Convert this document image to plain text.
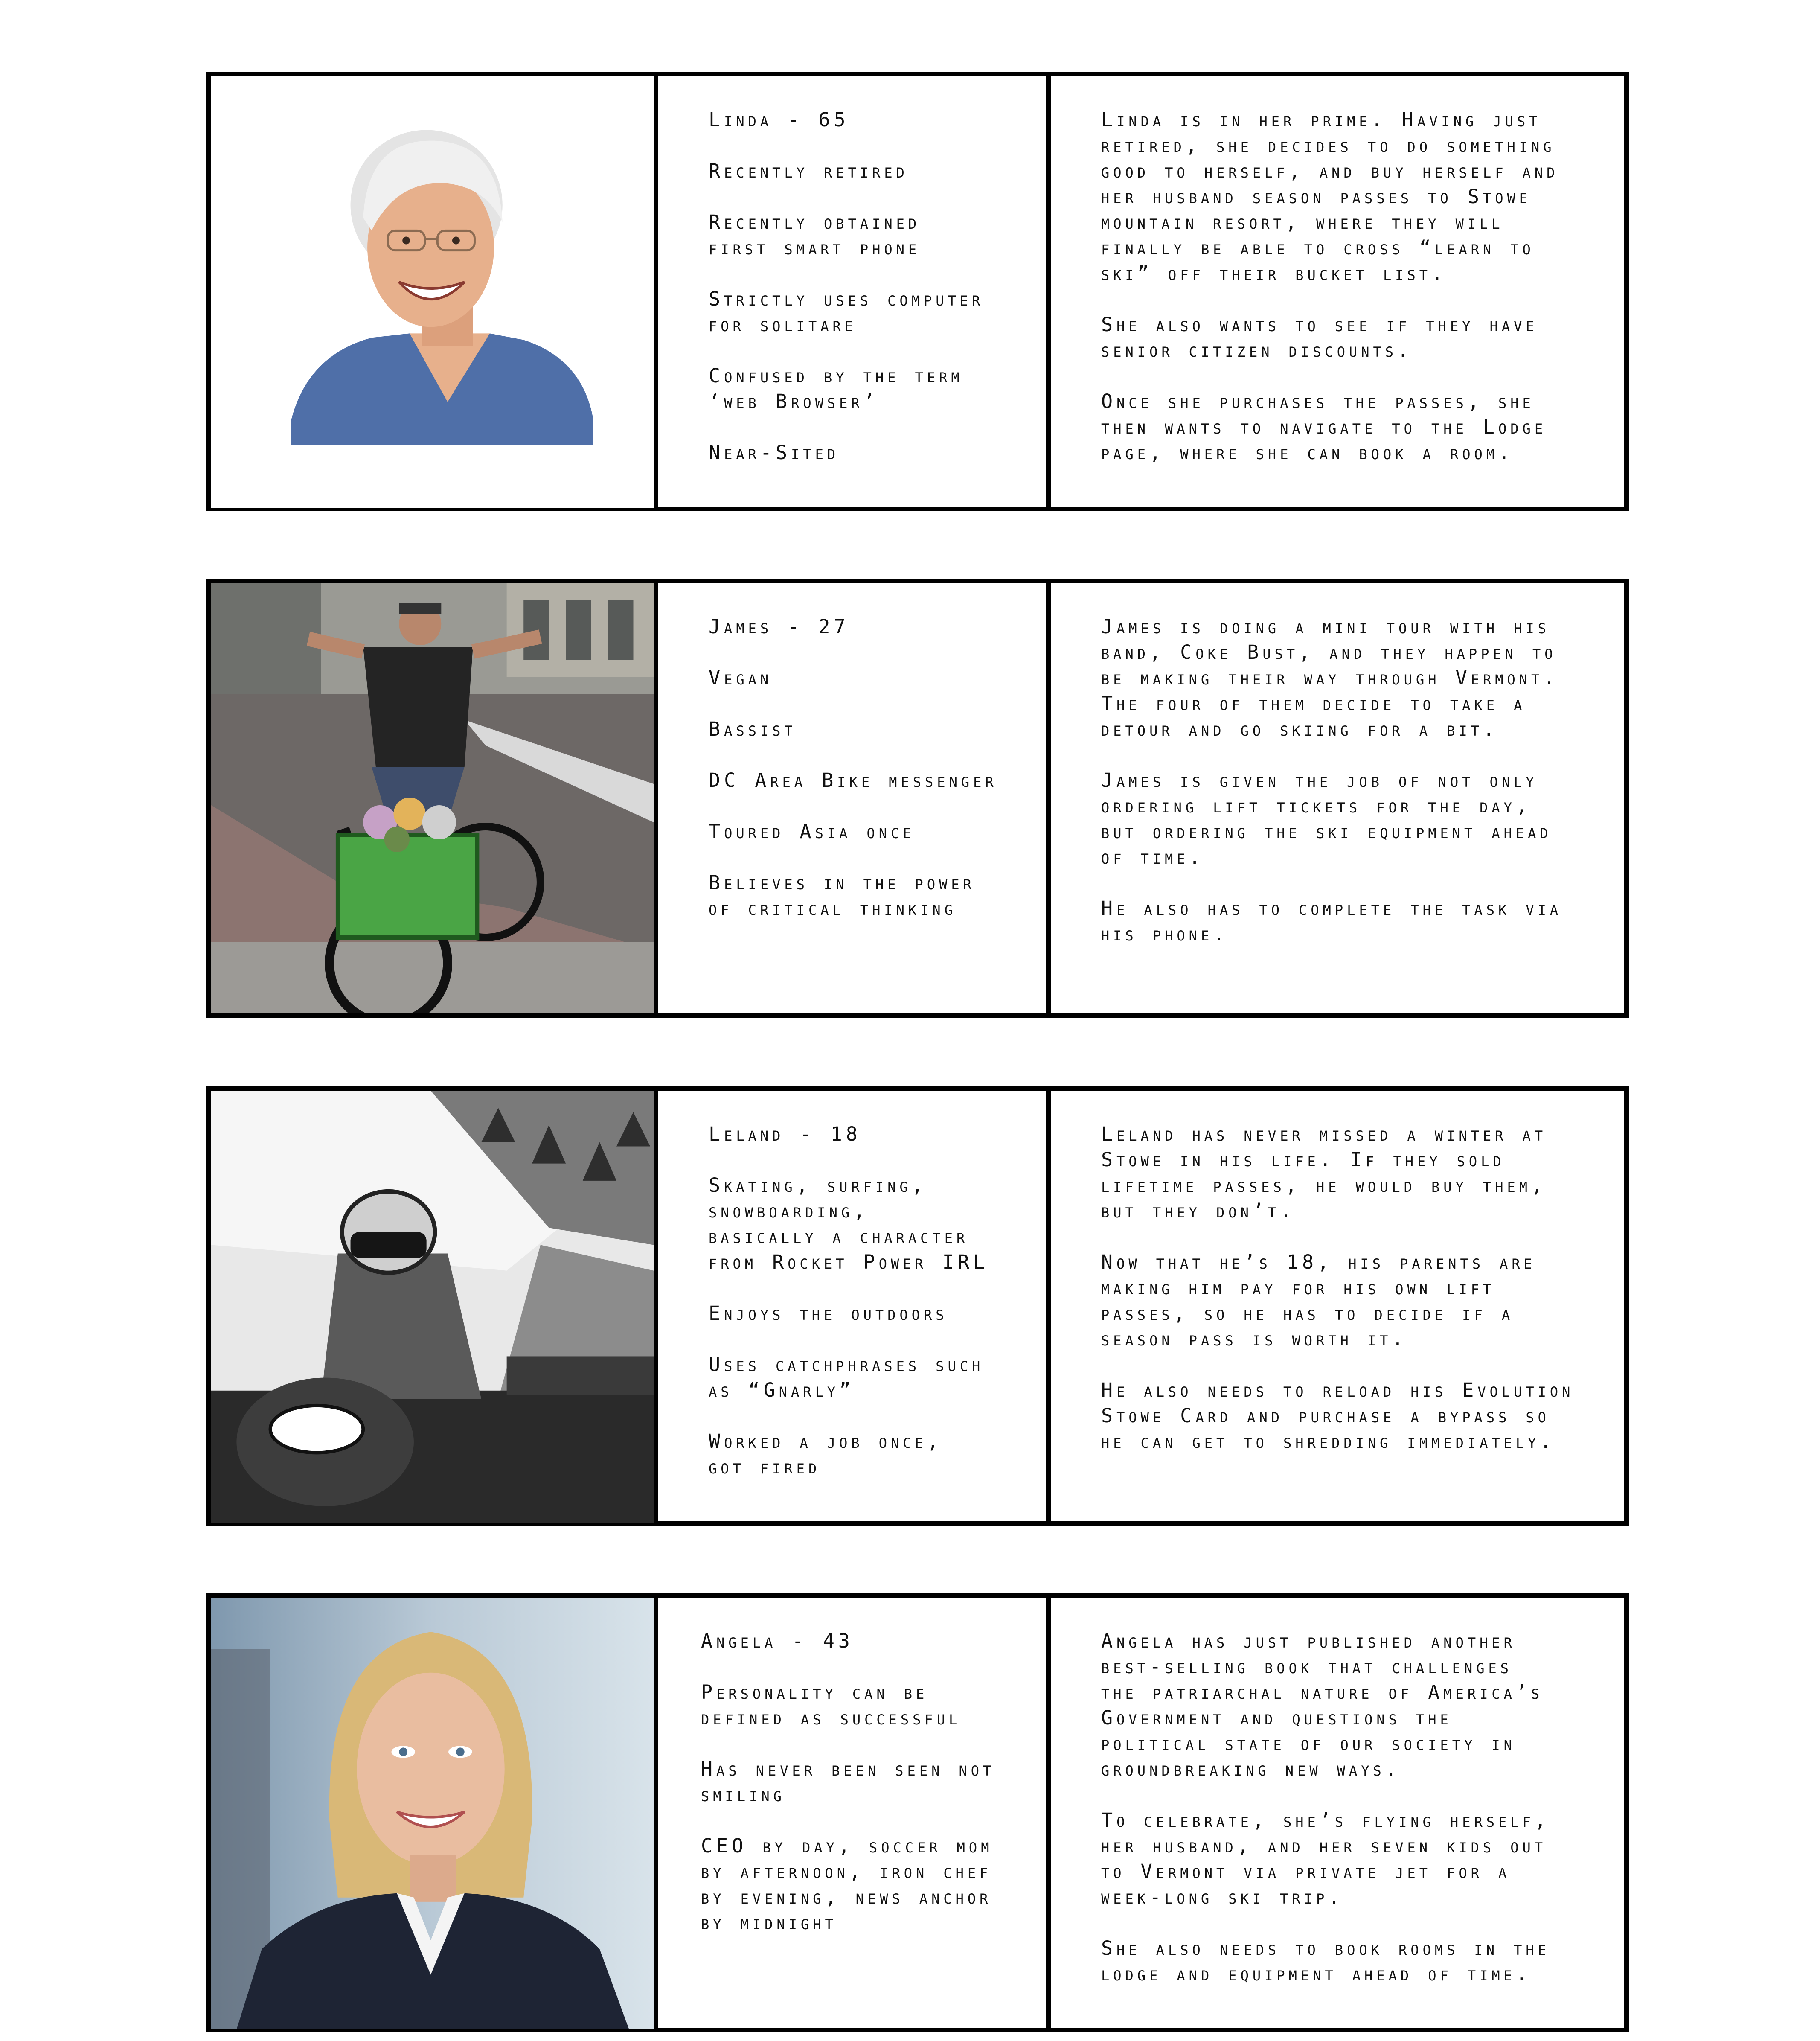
Linda - 65

Recently retired

Recently obtained
first smart phone

Strictly uses computer
for solitare

Confused by the term
‘web Browser’

Near-Sited

Linda is in her prime. Having just
retired, she decides to do something
good to herself, and buy herself and
her husband season passes to Stowe
mountain resort, where they will
finally be able to cross “learn to
ski” off their bucket list.

She also wants to see if they have
senior citizen discounts.

Once she purchases the passes, she
then wants to navigate to the Lodge
page, where she can book a room.

James - 27

Vegan

Bassist

DC Area Bike messenger

Toured Asia once

Believes in the power
of critical thinking

James is doing a mini tour with his
band, Coke Bust, and they happen to
be making their way through Vermont.
The four of them decide to take a
detour and go skiing for a bit.

James is given the job of not only
ordering lift tickets for the day,
but ordering the ski equipment ahead
of time.

He also has to complete the task via
his phone.

Leland - 18

Skating, surfing,
snowboarding,
basically a character
from Rocket Power IRL

Enjoys the outdoors

Uses catchphrases such
as “Gnarly”

Worked a job once,
got fired

Leland has never missed a winter at
Stowe in his life. If they sold
lifetime passes, he would buy them,
but they don’t.

Now that he’s 18, his parents are
making him pay for his own lift
passes, so he has to decide if a
season pass is worth it.

He also needs to reload his Evolution
Stowe Card and purchase a bypass so
he can get to shredding immediately.

Angela - 43

Personality can be
defined as successful

Has never been seen not
smiling

CEO by day, soccer mom
by afternoon, iron chef
by evening, news anchor
by midnight

Angela has just published another
best-selling book that challenges
the patriarchal nature of America’s
Government and questions the
political state of our society in
groundbreaking new ways.

To celebrate, she’s flying herself,
her husband, and her seven kids out
to Vermont via private jet for a
week-long ski trip.

She also needs to book rooms in the
lodge and equipment ahead of time.
